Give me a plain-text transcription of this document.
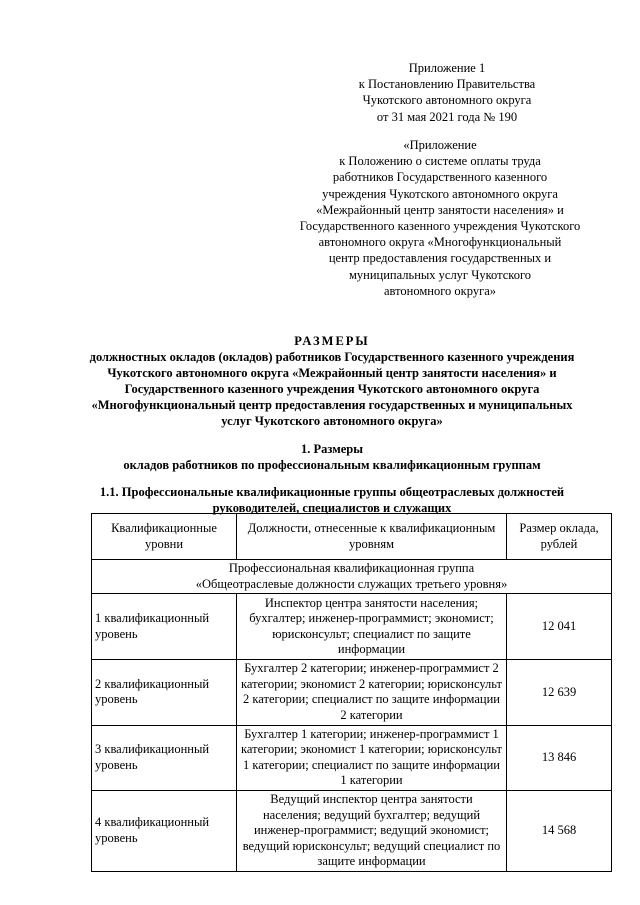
Приложение 1
к Постановлению Правительства
Чукотского автономного округа
от 31 мая 2021 года № 190
«Приложение
к Положению о системе оплаты труда
работников Государственного казенного
учреждения Чукотского автономного округа
«Межрайонный центр занятости населения» и
Государственного казенного учреждения Чукотского
автономного округа «Многофункциональный
центр предоставления государственных и
муниципальных услуг Чукотского
автономного округа»
РАЗМЕРЫ
должностных окладов (окладов) работников Государственного казенного учреждения
Чукотского автономного округа «Межрайонный центр занятости населения» и
Государственного казенного учреждения Чукотского автономного округа
«Многофункциональный центр предоставления государственных и муниципальных
услуг Чукотского автономного округа»
1. Размеры
окладов работников по профессиональным квалификационным группам
1.1. Профессиональные квалификационные группы общеотраслевых должностей
руководителей, специалистов и служащих
Квалификационные уровни	Должности, отнесенные к квалификационным уровням	Размер оклада, рублей

Профессиональная квалификационная группа
«Общеотраслевые должности служащих третьего уровня»		

1 квалификационный уровень	Инспектор центра занятости населения; бухгалтер; инженер-программист; экономист; юрисконсульт; специалист по защите информации	12 041
2 квалификационный уровень	Бухгалтер 2 категории; инженер-программист 2 категории; экономист 2 категории; юрисконсульт 2 категории; специалист по защите информации 2 категории	12 639
3 квалификационный уровень	Бухгалтер 1 категории; инженер-программист 1 категории; экономист 1 категории; юрисконсульт 1 категории; специалист по защите информации 1 категории	13 846
4 квалификационный уровень	Ведущий инспектор центра занятости населения; ведущий бухгалтер; ведущий инженер-программист; ведущий экономист; ведущий юрисконсульт; ведущий специалист по защите информации	14 568
